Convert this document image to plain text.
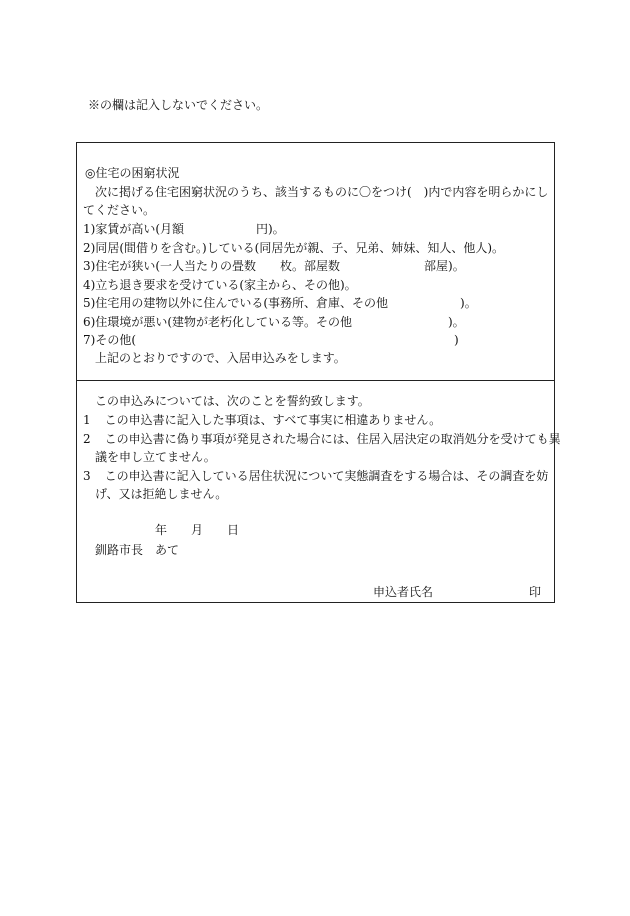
※の欄は記入しないでください。
◎住宅の困窮状況
次に掲げる住宅困窮状況のうち、該当するものに〇をつけ(　)内で内容を明らかにし
てください。
1)家賃が高い(月額	円)。
2)同居(間借りを含む。)している(同居先が親、子、兄弟、姉妹、知人、他人)。
3)住宅が狭い(一人当たりの畳数 枚。部屋数	部屋)。
4)立ち退き要求を受けている(家主から、その他)。
5)住宅用の建物以外に住んでいる(事務所、倉庫、その他	)。
6)住環境が悪い(建物が老朽化している等。その他	)。
7)その他(	)
上記のとおりですので、入居申込みをします。
この申込みについては、次のことを誓約致します。
1 この申込書に記入した事項は、すべて事実に相違ありません。
2 この申込書に偽り事項が発見された場合には、住居入居決定の取消処分を受けても異
議を申し立てません。
3 この申込書に記入している居住状況について実態調査をする場合は、その調査を妨
げ、又は拒絶しません。
年 月 日
釧路市長　あて
申込者氏名	印
